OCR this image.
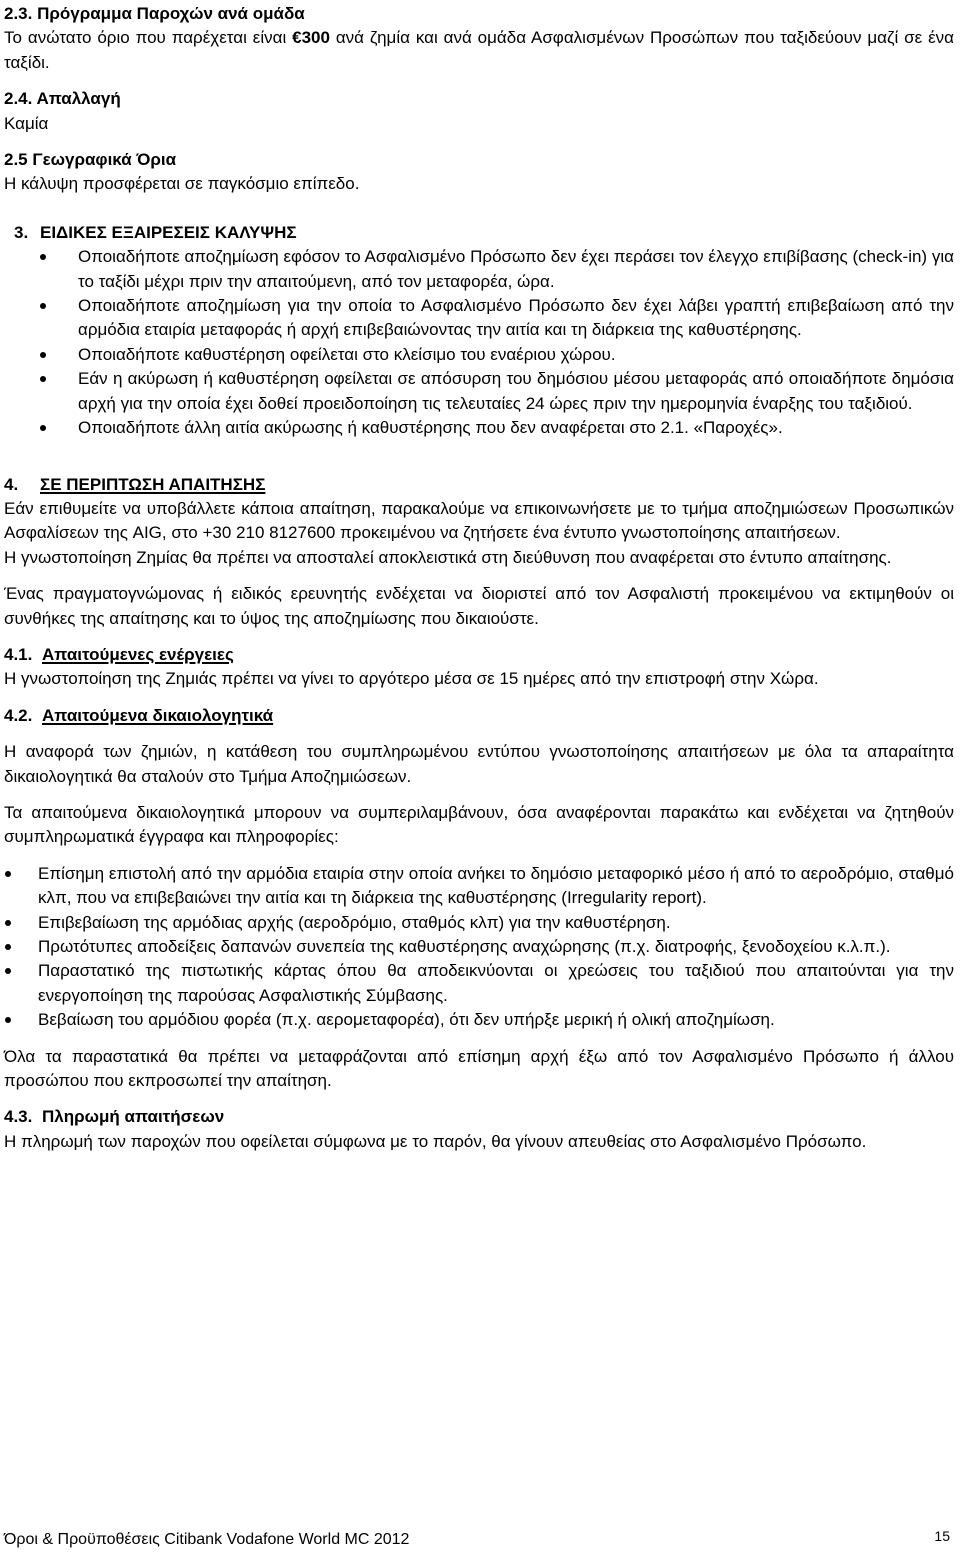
2.3. Πρόγραμμα Παροχών ανά ομάδα

Το ανώτατο όριο που παρέχεται είναι €300 ανά ζημία και ανά ομάδα Ασφαλισμένων Προσώπων που ταξιδεύουν μαζί σε ένα ταξίδι.

2.4. Απαλλαγή

Καμία

2.5 Γεωγραφικά Όρια

Η κάλυψη προσφέρεται σε παγκόσμιο επίπεδο.

3. ΕΙΔΙΚΕΣ ΕΞΑΙΡΕΣΕΙΣ ΚΑΛΥΨΗΣ

Οποιαδήποτε αποζημίωση εφόσον το Ασφαλισμένο Πρόσωπο δεν έχει περάσει τον έλεγχο επιβίβασης (check-in) για το ταξίδι μέχρι πριν την απαιτούμενη, από τον μεταφορέα, ώρα.
Οποιαδήποτε αποζημίωση για την οποία το Ασφαλισμένο Πρόσωπο δεν έχει λάβει γραπτή επιβεβαίωση από την αρμόδια εταιρία μεταφοράς ή αρχή επιβεβαιώνοντας την αιτία και τη διάρκεια της καθυστέρησης.
Οποιαδήποτε καθυστέρηση οφείλεται στο κλείσιμο του εναέριου χώρου.
Εάν η ακύρωση ή καθυστέρηση οφείλεται σε απόσυρση του δημόσιου μέσου μεταφοράς από οποιαδήποτε δημόσια αρχή για την οποία έχει δοθεί προειδοποίηση τις τελευταίες 24 ώρες πριν την ημερομηνία έναρξης του ταξιδιού.
Οποιαδήποτε άλλη αιτία ακύρωσης ή καθυστέρησης που δεν αναφέρεται στο 2.1. «Παροχές».

4. ΣΕ ΠΕΡΙΠΤΩΣΗ ΑΠΑΙΤΗΣΗΣ

Εάν επιθυμείτε να υποβάλλετε κάποια απαίτηση, παρακαλούμε να επικοινωνήσετε με το τμήμα αποζημιώσεων Προσωπικών Ασφαλίσεων της AIG, στο +30 210 8127600 προκειμένου να ζητήσετε ένα έντυπο γνωστοποίησης απαιτήσεων.

Η γνωστοποίηση Ζημίας θα πρέπει να αποσταλεί αποκλειστικά στη διεύθυνση που αναφέρεται στο έντυπο απαίτησης.

Ένας πραγματογνώμονας ή ειδικός ερευνητής ενδέχεται να διοριστεί από τον Ασφαλιστή προκειμένου να εκτιμηθούν οι συνθήκες της απαίτησης και το ύψος της αποζημίωσης που δικαιούστε.

4.1. Απαιτούμενες ενέργειες

Η γνωστοποίηση της Ζημιάς πρέπει να γίνει το αργότερο μέσα σε 15 ημέρες από την επιστροφή στην Χώρα.

4.2. Απαιτούμενα δικαιολογητικά

Η αναφορά των ζημιών, η κατάθεση του συμπληρωμένου εντύπου γνωστοποίησης απαιτήσεων με όλα τα απαραίτητα δικαιολογητικά θα σταλούν στο Τμήμα Αποζημιώσεων.

Τα απαιτούμενα δικαιολογητικά μπορουν να συμπεριλαμβάνουν, όσα αναφέρονται παρακάτω και ενδέχεται να ζητηθούν συμπληρωματικά έγγραφα και πληροφορίες:

Επίσημη επιστολή από την αρμόδια εταιρία στην οποία ανήκει το δημόσιο μεταφορικό μέσο ή από το αεροδρόμιο, σταθμό κλπ, που να επιβεβαιώνει την αιτία και τη διάρκεια της καθυστέρησης (Irregularity report).
Επιβεβαίωση της αρμόδιας αρχής (αεροδρόμιο, σταθμός κλπ) για την καθυστέρηση.
Πρωτότυπες αποδείξεις δαπανών συνεπεία της καθυστέρησης αναχώρησης (π.χ. διατροφής, ξενοδοχείου κ.λ.π.).
Παραστατικό της πιστωτικής κάρτας όπου θα αποδεικνύονται οι χρεώσεις του ταξιδιού που απαιτούνται για την ενεργοποίηση της παρούσας Ασφαλιστικής Σύμβασης.
Βεβαίωση του αρμόδιου φορέα (π.χ. αερομεταφορέα), ότι δεν υπήρξε μερική ή ολική αποζημίωση.

Όλα τα παραστατικά θα πρέπει να μεταφράζονται από επίσημη αρχή έξω από τον Ασφαλισμένο Πρόσωπο ή άλλου προσώπου που εκπροσωπεί την απαίτηση.

4.3. Πληρωμή απαιτήσεων

Η πληρωμή των παροχών που οφείλεται σύμφωνα με το παρόν, θα γίνουν απευθείας στο Ασφαλισμένο Πρόσωπο.

Όροι & Προϋποθέσεις Citibank Vodafone World MC 2012	15
